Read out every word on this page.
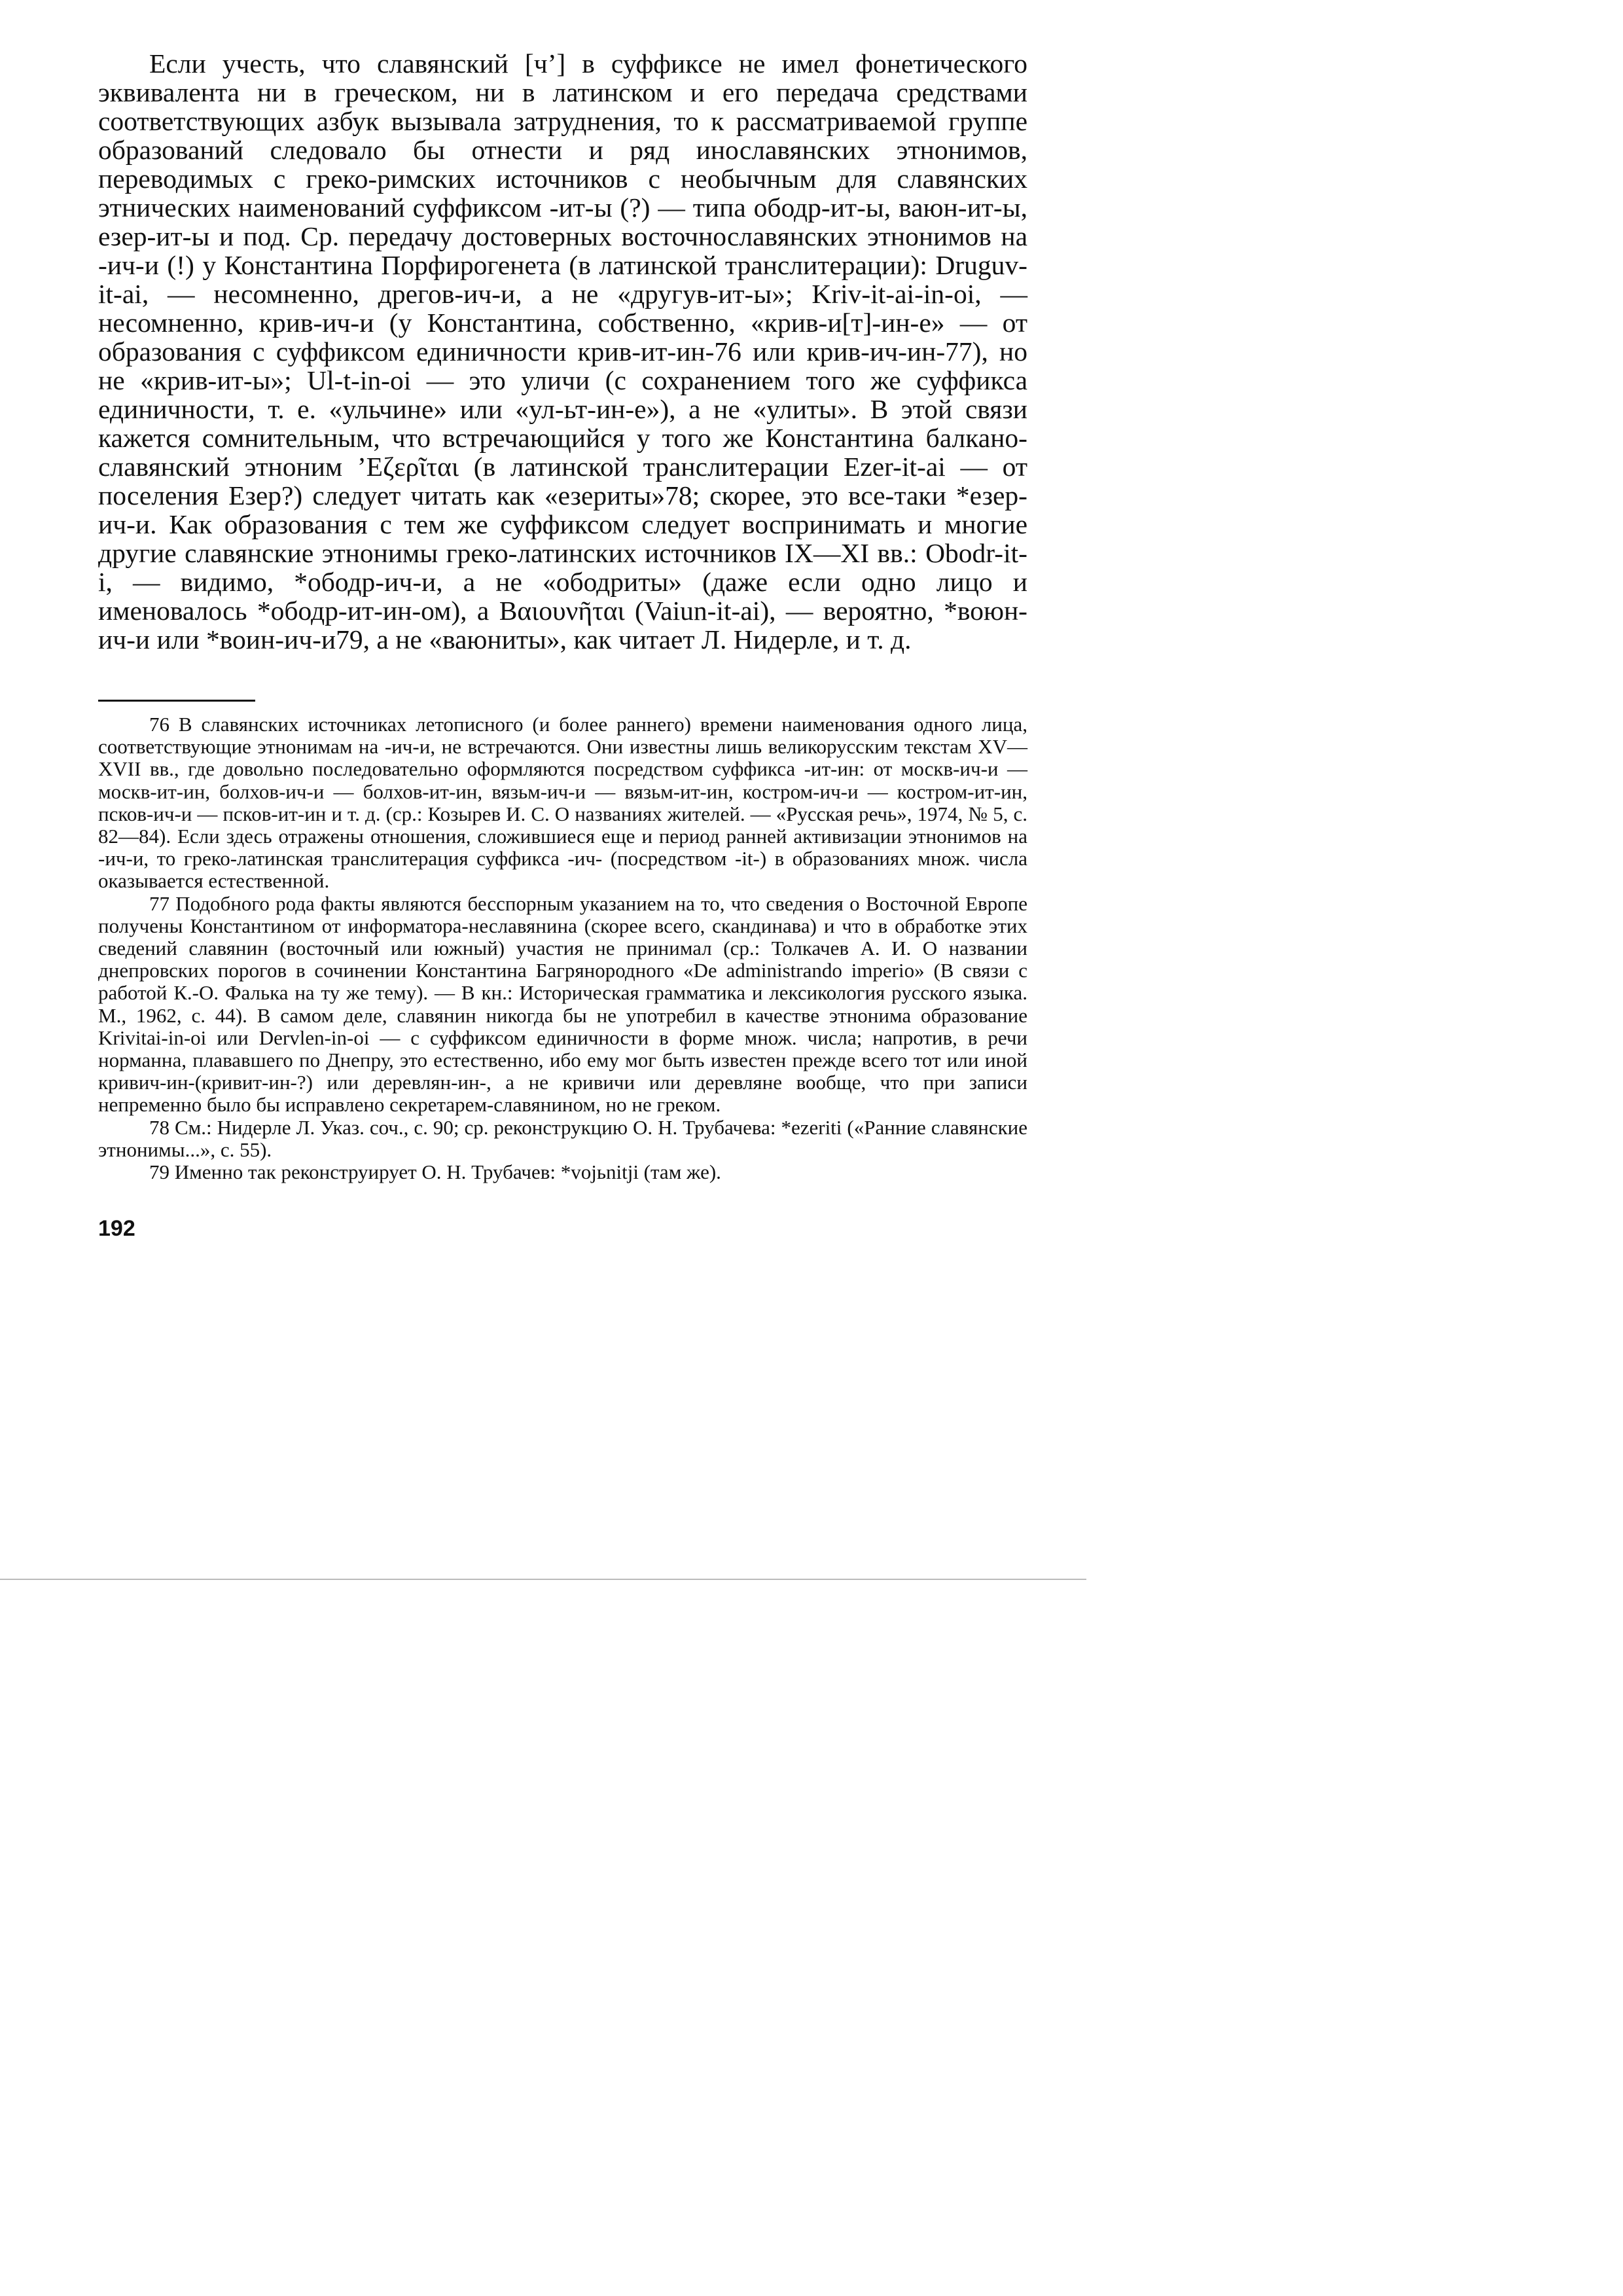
Если учесть, что славянский [ч’] в суффиксе не имел фонетического эквивалента ни в греческом, ни в латинском и его передача средствами соответствующих азбук вызывала затруднения, то к рассматриваемой группе образований следовало бы отнести и ряд инославянских этнонимов, переводимых с греко-римских источников с необычным для славянских этнических наименований суффиксом -ит-ы (?) — типа ободр-ит-ы, ваюн-ит-ы, езер-ит-ы и под. Ср. передачу достоверных восточнославянских этнонимов на -ич-и (!) у Константина Порфирогенета (в латинской транслитерации): Druguv-it-ai, — несомненно, дрегов-ич-и, а не «другув-ит-ы»; Kriv-it-ai-in-oi, — несомненно, крив-ич-и (у Константина, собственно, «крив-и[т]-ин-е» — от образования с суффиксом единичности крив-ит-ин-76 или крив-ич-ин-77), но не «крив-ит-ы»; Ul-t-in-oi — это уличи (с сохранением того же суффикса единичности, т. е. «ульчине» или «ул-ьт-ин-е»), а не «улиты». В этой связи кажется сомнительным, что встречающийся у того же Константина балкано-славянский этноним ’Εζερῖται (в латинской транслитерации Ezer-it-ai — от поселения Езер?) следует читать как «езериты»78; скорее, это все-таки *езер-ич-и. Как образования с тем же суффиксом следует воспринимать и многие другие славянские этнонимы греко-латинских источников IX—XI вв.: Obodr-it-i, — видимо, *ободр-ич-и, а не «ободриты» (даже если одно лицо и именовалось *ободр-ит-ин-ом), а Βαιουνῆται (Vaiun-it-ai), — вероятно, *воюн-ич-и или *воин-ич-и79, а не «ваюниты», как читает Л. Нидерле, и т. д.

76 В славянских источниках летописного (и более раннего) времени наименования одного лица, соответствующие этнонимам на -ич-и, не встречаются. Они известны лишь великорусским текстам XV—XVII вв., где довольно последовательно оформляются посредством суффикса -ит-ин: от москв-ич-и — москв-ит-ин, болхов-ич-и — болхов-ит-ин, вязьм-ич-и — вязьм-ит-ин, костром-ич-и — костром-ит-ин, псков-ич-и — псков-ит-ин и т. д. (ср.: Козырев И. С. О названиях жителей. — «Русская речь», 1974, № 5, с. 82—84). Если здесь отражены отношения, сложившиеся еще и период ранней активизации этнонимов на -ич-и, то греко-латинская транслитерация суффикса -ич- (посредством -it-) в образованиях множ. числа оказывается естественной.

77 Подобного рода факты являются бесспорным указанием на то, что сведения о Восточной Европе получены Константином от информатора-неславянина (скорее всего, скандинава) и что в обработке этих сведений славянин (восточный или южный) участия не принимал (ср.: Толкачев А. И. О названии днепровских порогов в сочинении Константина Багрянородного «De administrando imperio» (В связи с работой К.-О. Фалька на ту же тему). — В кн.: Историческая грамматика и лексикология русского языка. М., 1962, с. 44). В самом деле, славянин никогда бы не употребил в качестве этнонима образование Krivitai-in-oi или Dervlen-in-oi — с суффиксом единичности в форме множ. числа; напротив, в речи норманна, плававшего по Днепру, это естественно, ибо ему мог быть известен прежде всего тот или иной кривич-ин-(кривит-ин-?) или деревлян-ин-, а не кривичи или деревляне вообще, что при записи непременно было бы исправлено секретарем-славянином, но не греком.

78 См.: Нидерле Л. Указ. соч., с. 90; ср. реконструкцию О. Н. Трубачева: *ezeriti («Ранние славянские этнонимы...», с. 55).

79 Именно так реконструирует О. Н. Трубачев: *vojьnitji (там же).

192
